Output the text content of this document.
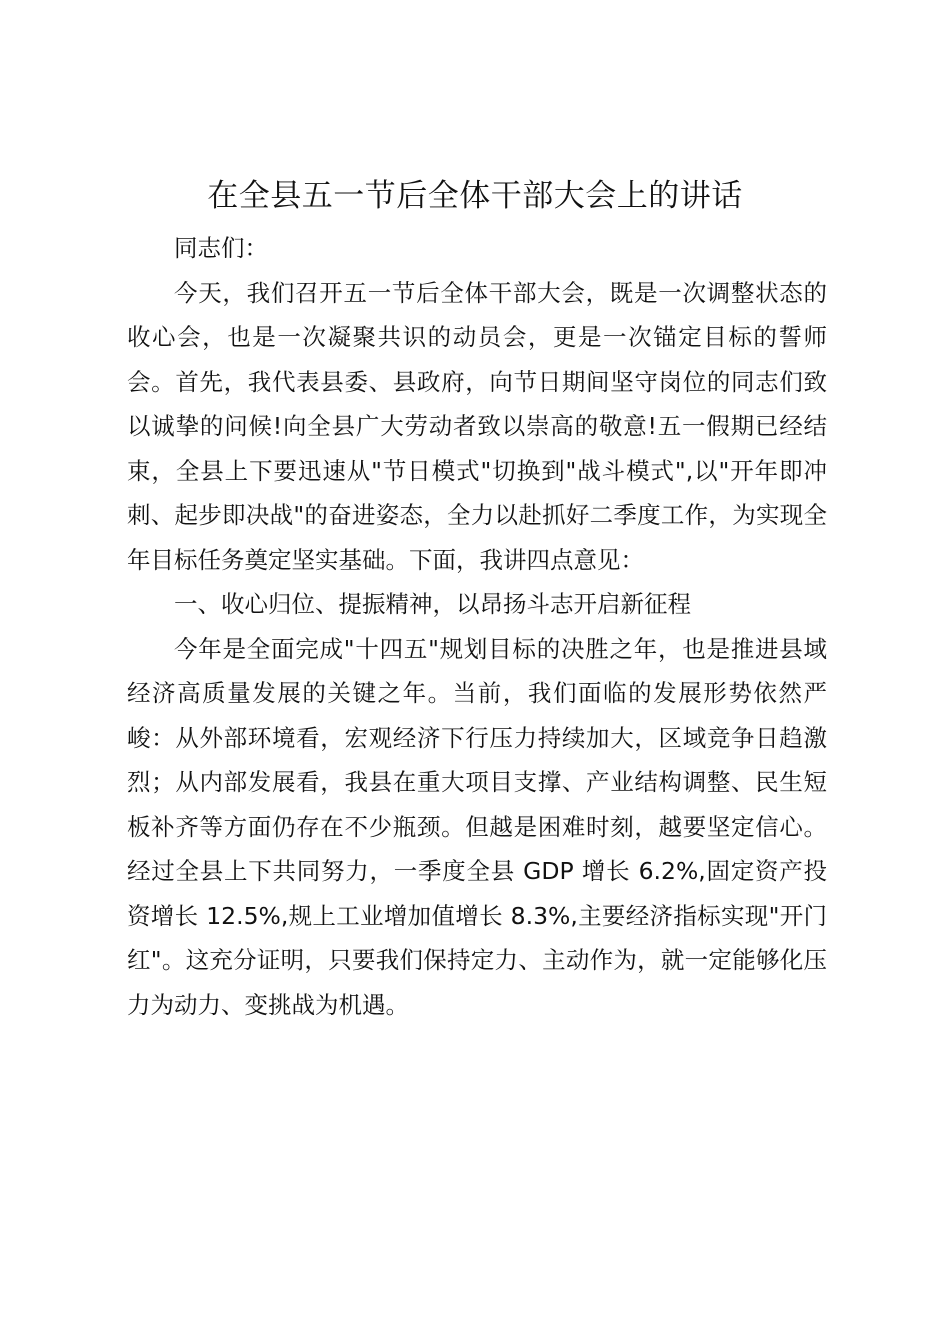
在全县五一节后全体干部大会上的讲话

同志们：

今天，我们召开五一节后全体干部大会，既是一次调整状态的收心会，也是一次凝聚共识的动员会，更是一次锚定目标的誓师会。首先，我代表县委、县政府，向节日期间坚守岗位的同志们致以诚挚的问候!向全县广大劳动者致以崇高的敬意!五一假期已经结束，全县上下要迅速从"节日模式"切换到"战斗模式",以"开年即冲刺、起步即决战"的奋进姿态，全力以赴抓好二季度工作，为实现全年目标任务奠定坚实基础。下面，我讲四点意见：

一、收心归位、提振精神，以昂扬斗志开启新征程

今年是全面完成"十四五"规划目标的决胜之年，也是推进县域经济高质量发展的关键之年。当前，我们面临的发展形势依然严峻：从外部环境看，宏观经济下行压力持续加大，区域竞争日趋激烈；从内部发展看，我县在重大项目支撑、产业结构调整、民生短板补齐等方面仍存在不少瓶颈。但越是困难时刻，越要坚定信心。经过全县上下共同努力，一季度全县 GDP 增长 6.2%,固定资产投资增长 12.5%,规上工业增加值增长 8.3%,主要经济指标实现"开门红"。这充分证明，只要我们保持定力、主动作为，就一定能够化压力为动力、变挑战为机遇。
